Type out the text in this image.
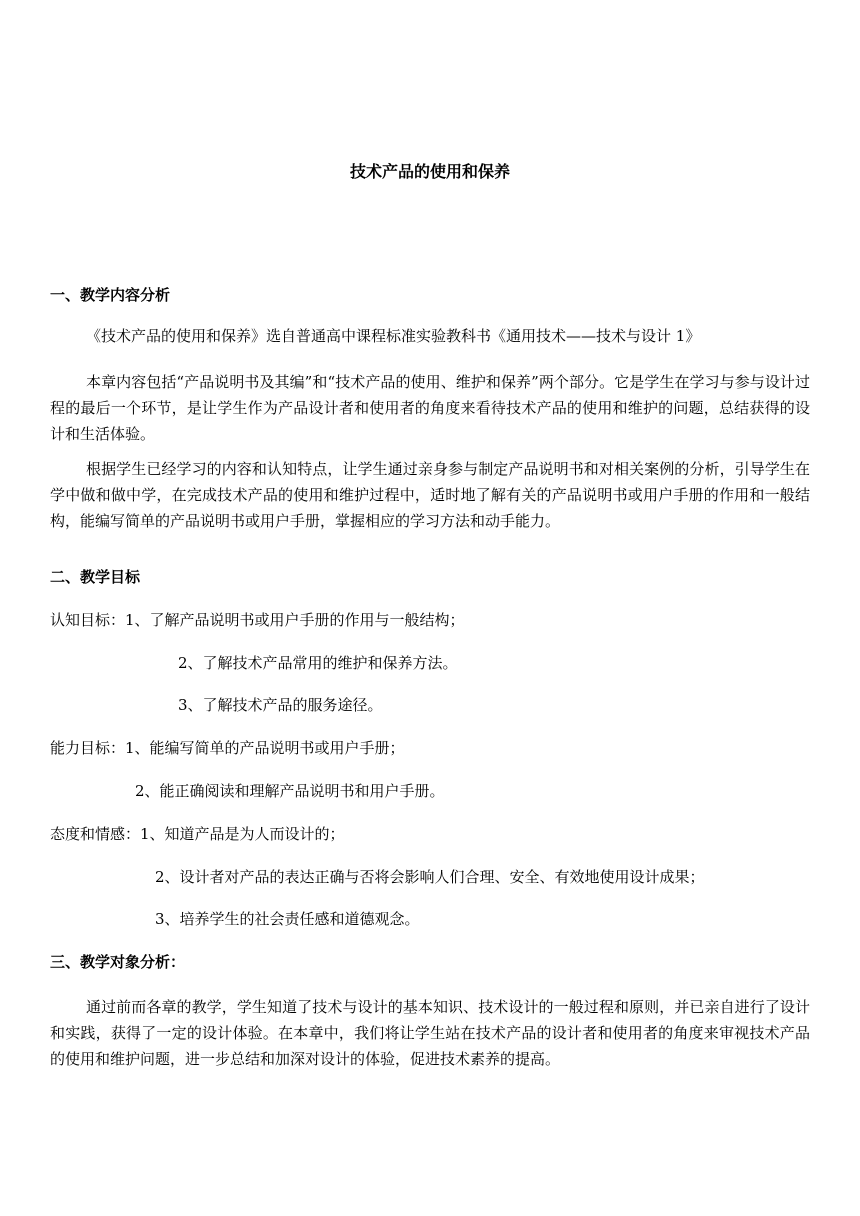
技术产品的使用和保养
一、教学内容分析
《技术产品的使用和保养》选自普通高中课程标准实验教科书《通用技术——技术与设计 1》
本章内容包括“产品说明书及其编”和“技术产品的使用、维护和保养”两个部分。它是学生在学习与参与设计过程的最后一个环节，是让学生作为产品设计者和使用者的角度来看待技术产品的使用和维护的问题，总结获得的设计和生活体验。
根据学生已经学习的内容和认知特点，让学生通过亲身参与制定产品说明书和对相关案例的分析，引导学生在学中做和做中学，在完成技术产品的使用和维护过程中，适时地了解有关的产品说明书或用户手册的作用和一般结构，能编写简单的产品说明书或用户手册，掌握相应的学习方法和动手能力。
二、教学目标
认知目标：1、了解产品说明书或用户手册的作用与一般结构；
2、了解技术产品常用的维护和保养方法。
3、了解技术产品的服务途径。
能力目标：1、能编写简单的产品说明书或用户手册；
2、能正确阅读和理解产品说明书和用户手册。
态度和情感：1、知道产品是为人而设计的；
2、设计者对产品的表达正确与否将会影响人们合理、安全、有效地使用设计成果；
3、培养学生的社会责任感和道德观念。
三、教学对象分析：
通过前而各章的教学，学生知道了技术与设计的基本知识、技术设计的一般过程和原则，并已亲自进行了设计和实践，获得了一定的设计体验。在本章中，我们将让学生站在技术产品的设计者和使用者的角度来审视技术产品的使用和维护问题，进一步总结和加深对设计的体验，促进技术素养的提高。
